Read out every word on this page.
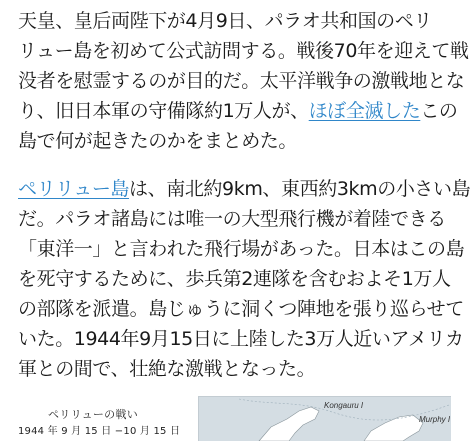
天皇、皇后両陛下が4月9日、パラオ共和国のペリ
リュー島を初めて公式訪問する。戦後70年を迎えて戦
没者を慰霊するのが目的だ。太平洋戦争の激戦地とな
り、旧日本軍の守備隊約1万人が、ほぼ全滅したこの
島で何が起きたのかをまとめた。

ペリリュー島は、南北約9km、東西約3kmの小さい島
だ。パラオ諸島には唯一の大型飛行機が着陸できる
「東洋一」と言われた飛行場があった。日本はこの島
を死守するために、歩兵第2連隊を含むおよそ1万人
の部隊を派遣。島じゅうに洞くつ陣地を張り巡らせて
いた。1944年9月15日に上陸した3万人近いアメリカ
軍との間で、壮絶な激戦となった。

ペリリューの戦い
1944 年 9 月 15 日 −10 月 15 日
Kongauru I
Murphy I
